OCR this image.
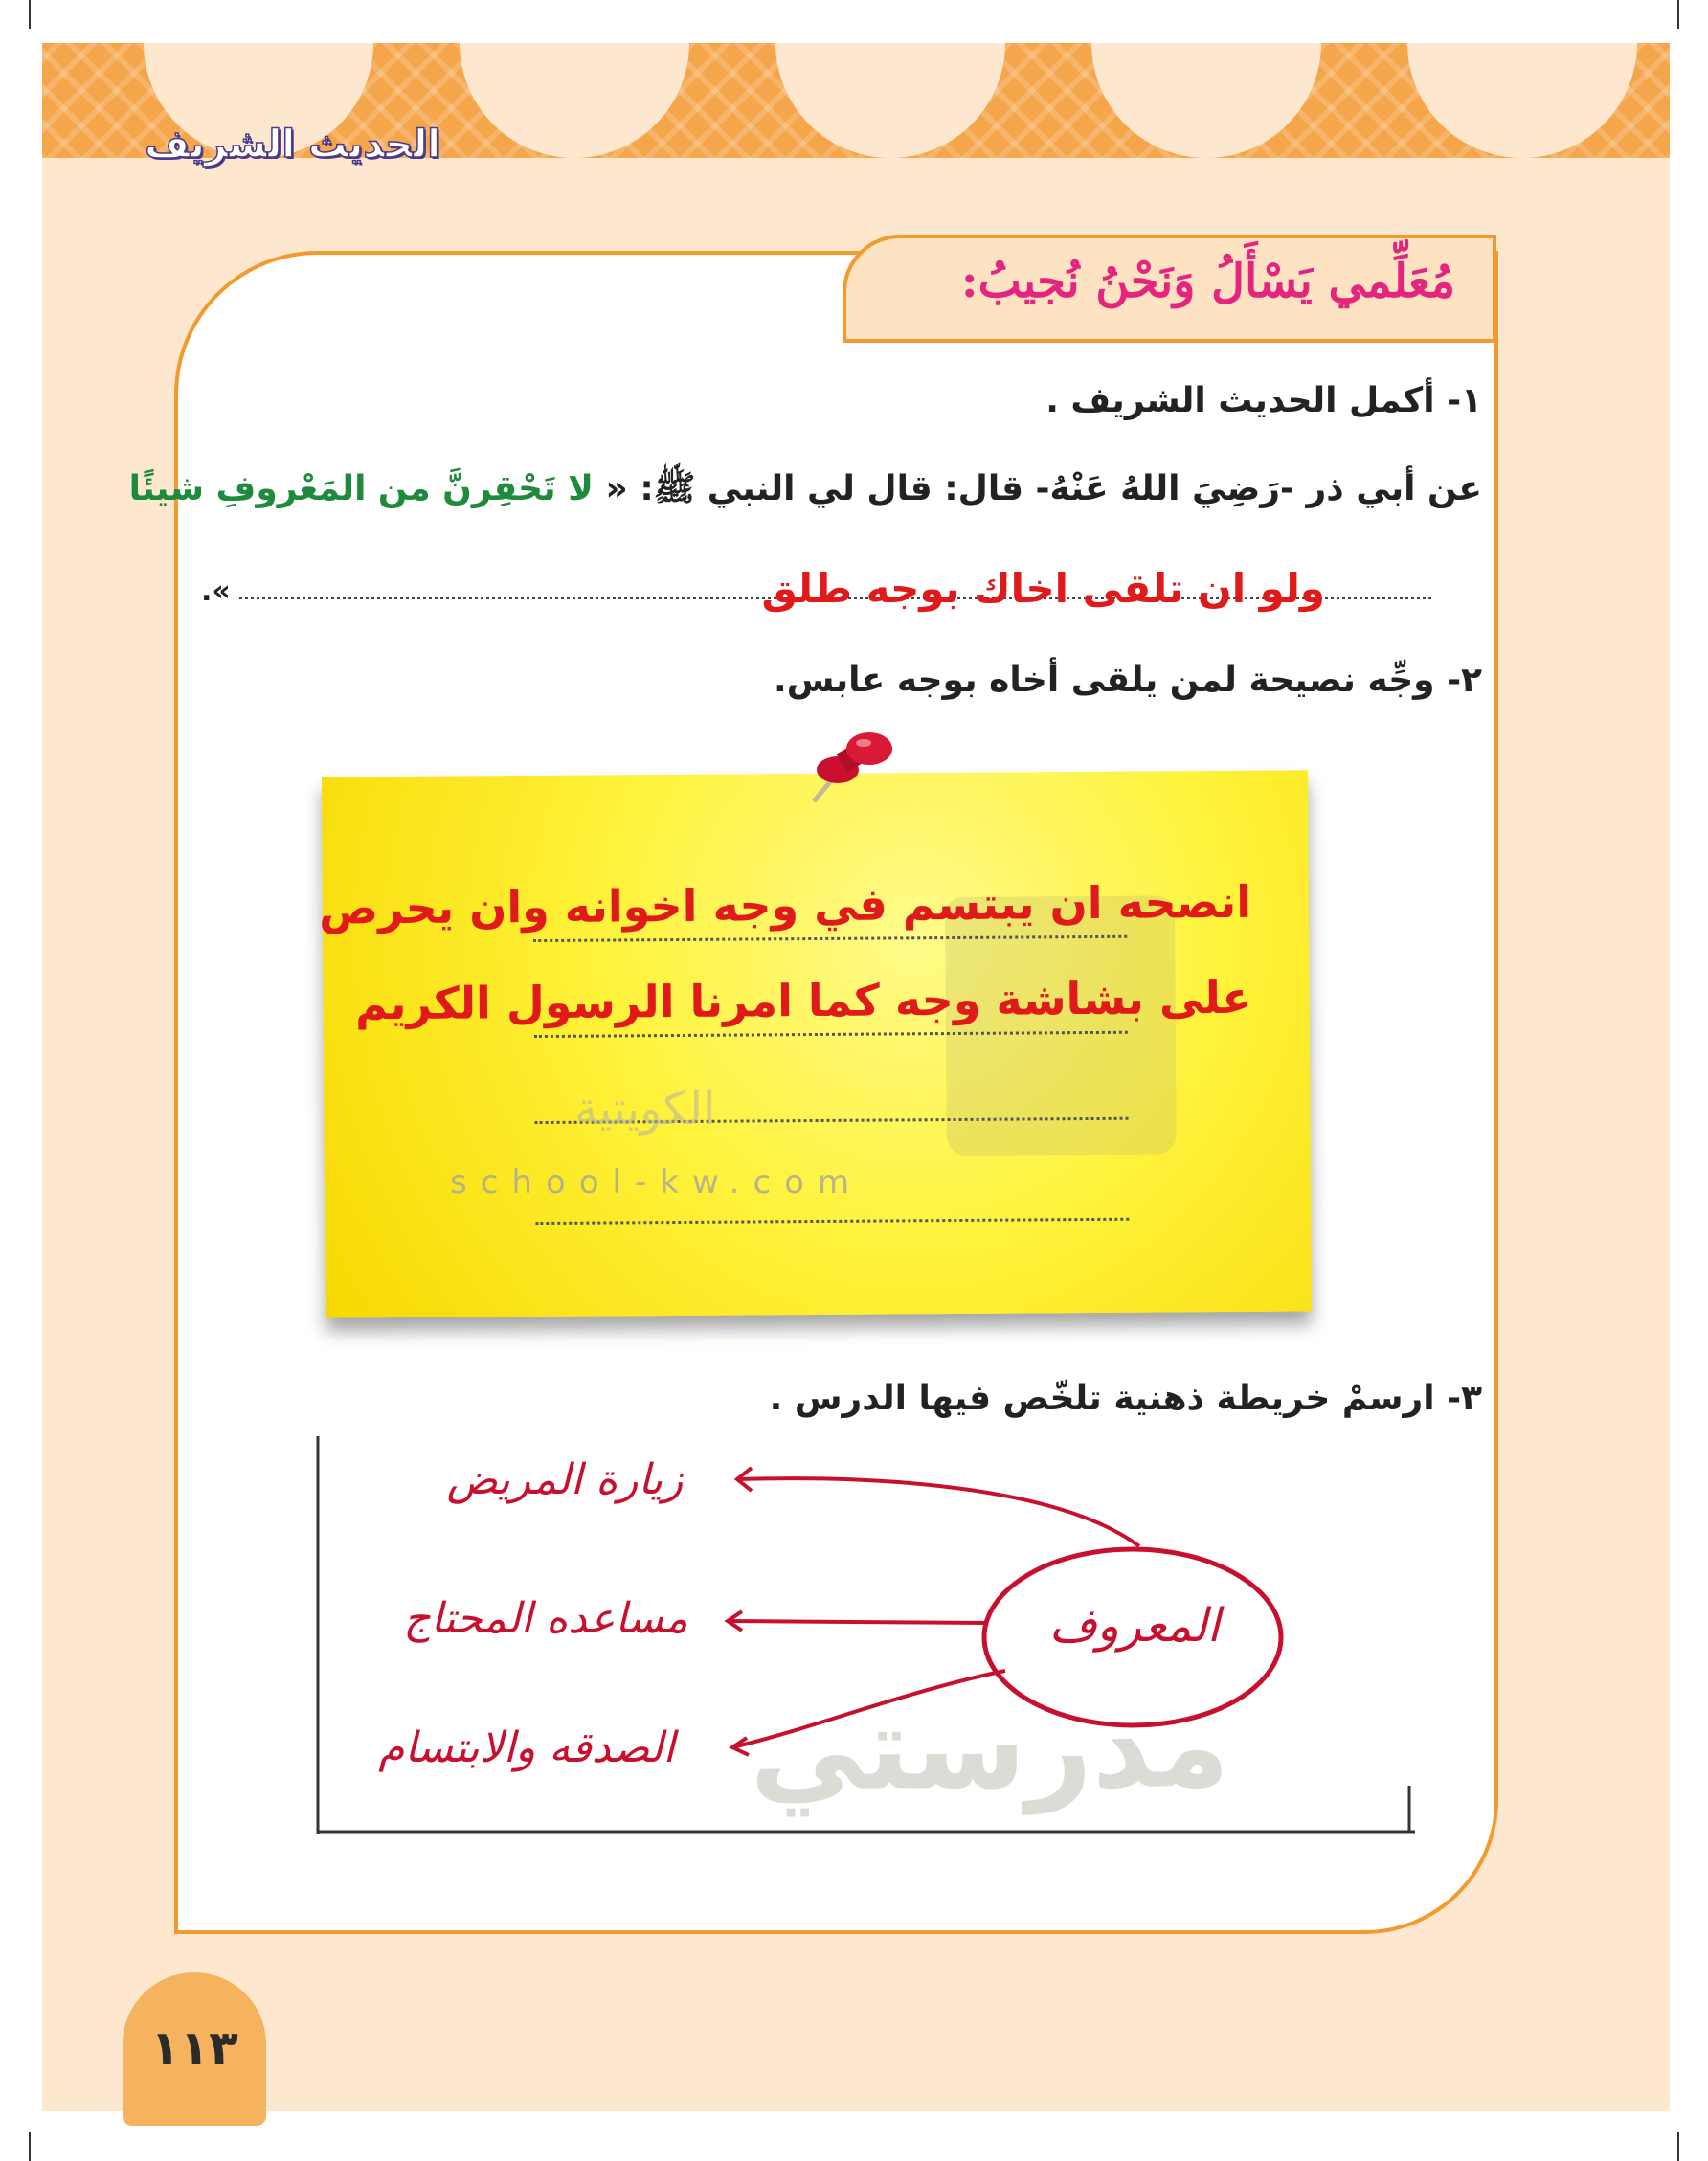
الحديث الشريف
مُعَلِّمي يَسْأَلُ وَنَحْنُ نُجيبُ:
١- أكمل الحديث الشريف .
عن أبي ذر -رَضِيَ اللهُ عَنْهُ- قال: قال لي النبي ﷺ: « لا تَحْقِرنَّ من المَعْروفِ شيئًا
ولو ان تلقى اخاك بوجه طلق
».
٢- وجِّه نصيحة لمن يلقى أخاه بوجه عابس.
مدرستي
انصحه ان يبتسم في وجه اخوانه وان يحرص
على بشاشة وجه كما امرنا الرسول الكريم
الكويتية
school-kw.com
٣- ارسمْ خريطة ذهنية تلخّص فيها الدرس .
المعروف
زيارة المريض
مساعده المحتاج
الصدقه والابتسام
١١٣
